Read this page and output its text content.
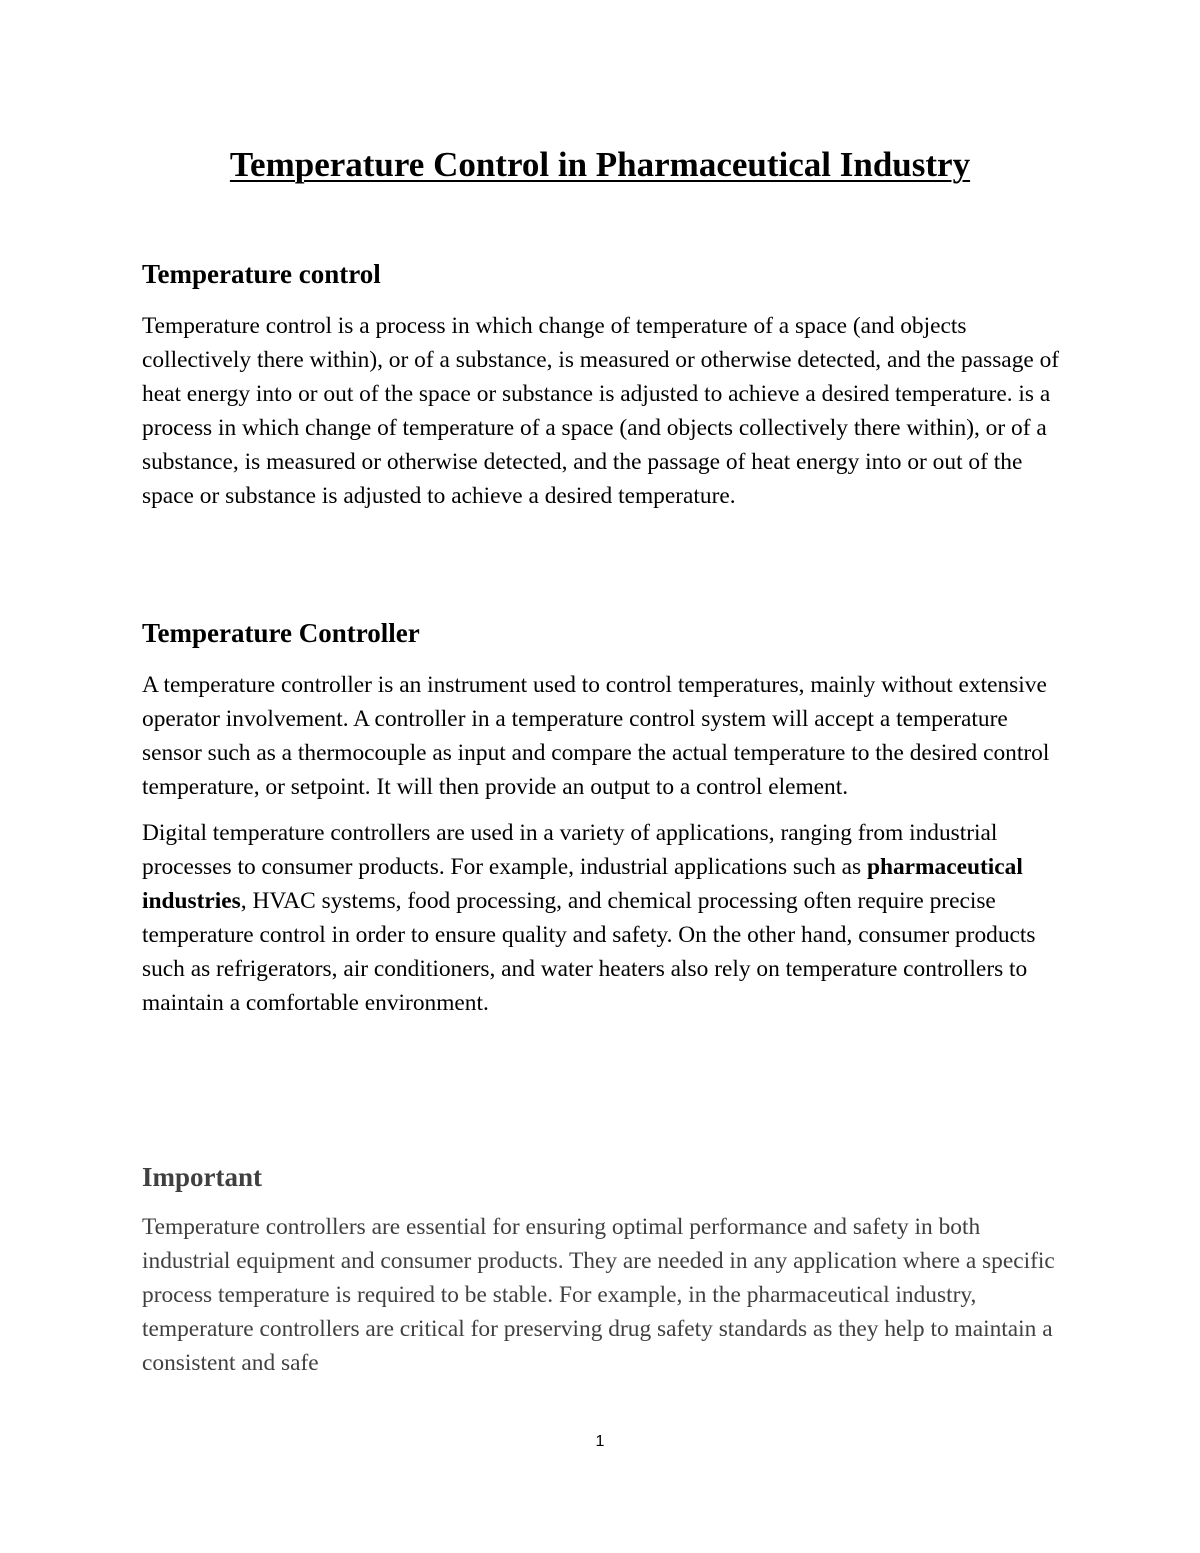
Temperature Control in Pharmaceutical Industry
Temperature control

Temperature control is a process in which change of temperature of a space (and objects collectively there within), or of a substance, is measured or otherwise detected, and the passage of heat energy into or out of the space or substance is adjusted to achieve a desired temperature. is a process in which change of temperature of a space (and objects collectively there within), or of a substance, is measured or otherwise detected, and the passage of heat energy into or out of the space or substance is adjusted to achieve a desired temperature.

Temperature Controller

A temperature controller is an instrument used to control temperatures, mainly without extensive operator involvement. A controller in a temperature control system will accept a temperature sensor such as a thermocouple as input and compare the actual temperature to the desired control temperature, or setpoint. It will then provide an output to a control element.

Digital temperature controllers are used in a variety of applications, ranging from industrial processes to consumer products. For example, industrial applications such as pharmaceutical industries, HVAC systems, food processing, and chemical processing often require precise temperature control in order to ensure quality and safety. On the other hand, consumer products such as refrigerators, air conditioners, and water heaters also rely on temperature controllers to maintain a comfortable environment.

Important

Temperature controllers are essential for ensuring optimal performance and safety in both industrial equipment and consumer products. They are needed in any application where a specific process temperature is required to be stable. For example, in the pharmaceutical industry, temperature controllers are critical for preserving drug safety standards as they help to maintain a consistent and safe

1
